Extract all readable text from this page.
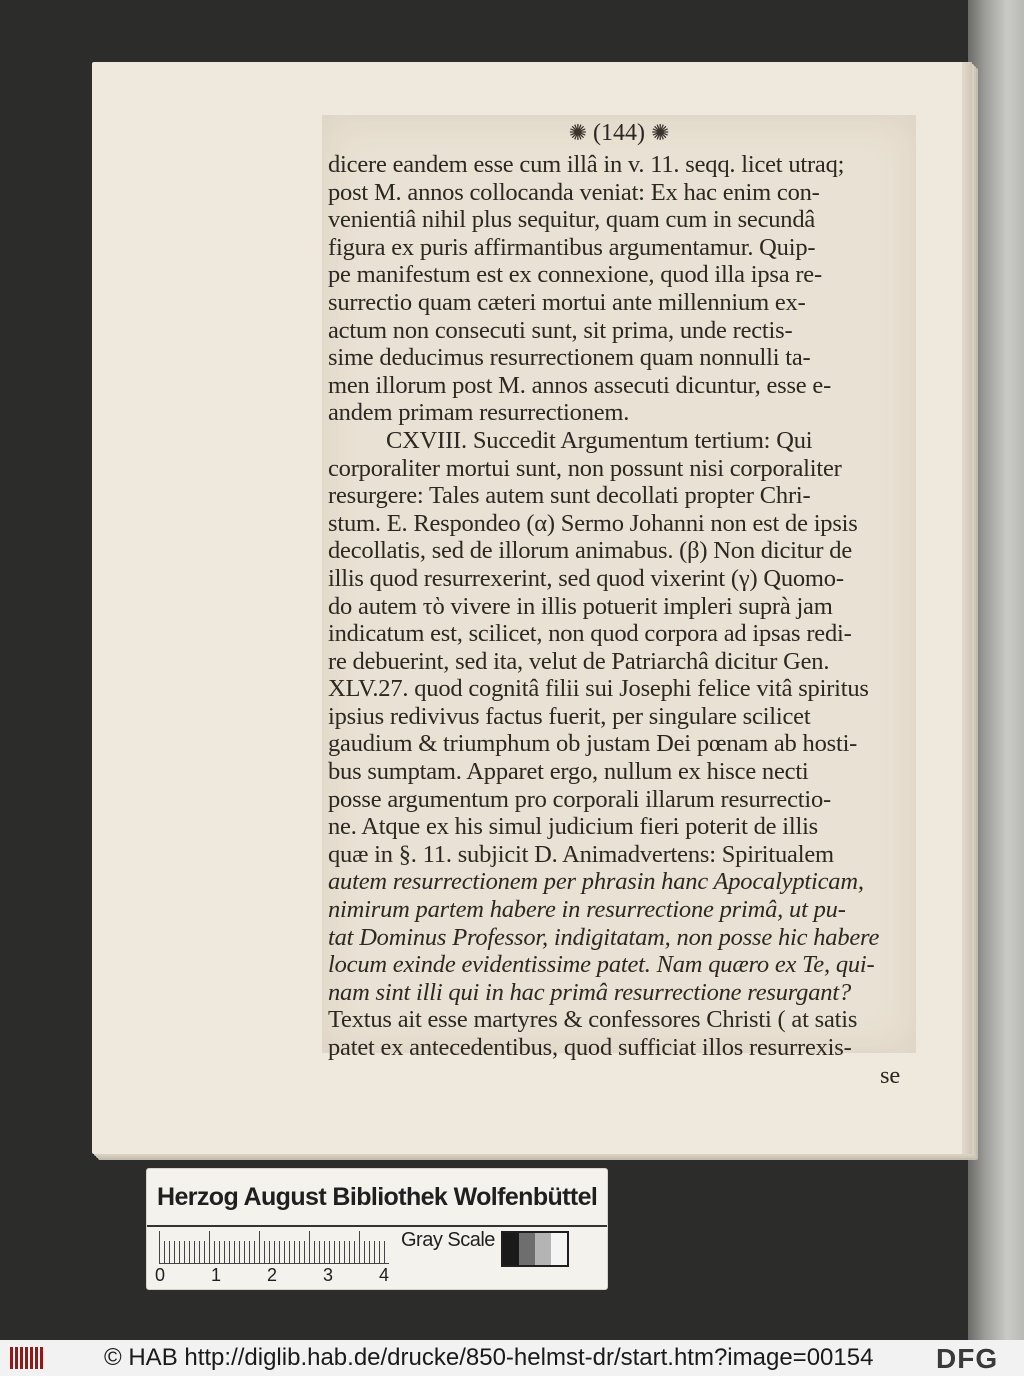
✺ (144) ✺
dicere eandem esse cum illâ in v. 11. seqq. licet utraq;
post M. annos collocanda veniat: Ex hac enim con-
venientiâ nihil plus sequitur, quam cum in secundâ
figura ex puris affirmantibus argumentamur. Quip-
pe manifestum est ex connexione, quod illa ipsa re-
surrectio quam cæteri mortui ante millennium ex-
actum non consecuti sunt, sit prima, unde rectis-
sime deducimus resurrectionem quam nonnulli ta-
men illorum post M. annos assecuti dicuntur, esse e-
andem primam resurrectionem.
CXVIII. Succedit Argumentum tertium: Qui
corporaliter mortui sunt, non possunt nisi corporaliter
resurgere: Tales autem sunt decollati propter Chri-
stum. E. Respondeo (α) Sermo Johanni non est de ipsis
decollatis, sed de illorum animabus. (β) Non dicitur de
illis quod resurrexerint, sed quod vixerint (γ) Quomo-
do autem τὸ vivere in illis potuerit impleri suprà jam
indicatum est, scilicet, non quod corpora ad ipsas redi-
re debuerint, sed ita, velut de Patriarchâ dicitur Gen.
XLV.27. quod cognitâ filii sui Josephi felice vitâ spiritus
ipsius redivivus factus fuerit, per singulare scilicet
gaudium & triumphum ob justam Dei pœnam ab hosti-
bus sumptam. Apparet ergo, nullum ex hisce necti
posse argumentum pro corporali illarum resurrectio-
ne. Atque ex his simul judicium fieri poterit de illis
quæ in §. 11. subjicit D. Animadvertens: Spiritualem
autem resurrectionem per phrasin hanc Apocalypticam,
nimirum partem habere in resurrectione primâ, ut pu-
tat Dominus Professor, indigitatam, non posse hic habere
locum exinde evidentissime patet. Nam quæro ex Te, qui-
nam sint illi qui in hac primâ resurrectione resurgant?
Textus ait esse martyres & confessores Christi ( at satis
patet ex antecedentibus, quod sufficiat illos resurrexis-
se
Herzog August Bibliothek Wolfenbüttel
0	1	2	3	4
Gray Scale
© HAB http://diglib.hab.de/drucke/850-helmst-dr/start.htm?image=00154 DFG
